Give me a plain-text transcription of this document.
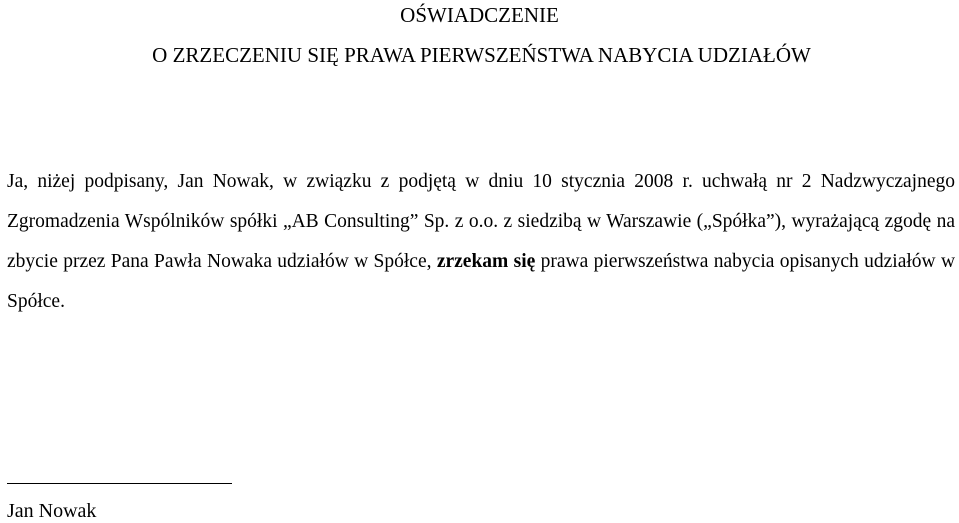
OŚWIADCZENIE
O ZRZECZENIU SIĘ PRAWA PIERWSZEŃSTWA NABYCIA UDZIAŁÓW

Ja, niżej podpisany, Jan Nowak, w związku z podjętą w dniu 10 stycznia 2008 r. uchwałą nr 2 Nadzwyczajnego Zgromadzenia Wspólników spółki „AB Consulting” Sp. z o.o. z siedzibą w Warszawie („Spółka”), wyrażającą zgodę na zbycie przez Pana Pawła Nowaka udziałów w Spółce, zrzekam się prawa pierwszeństwa nabycia opisanych udziałów w Spółce.

Jan Nowak
